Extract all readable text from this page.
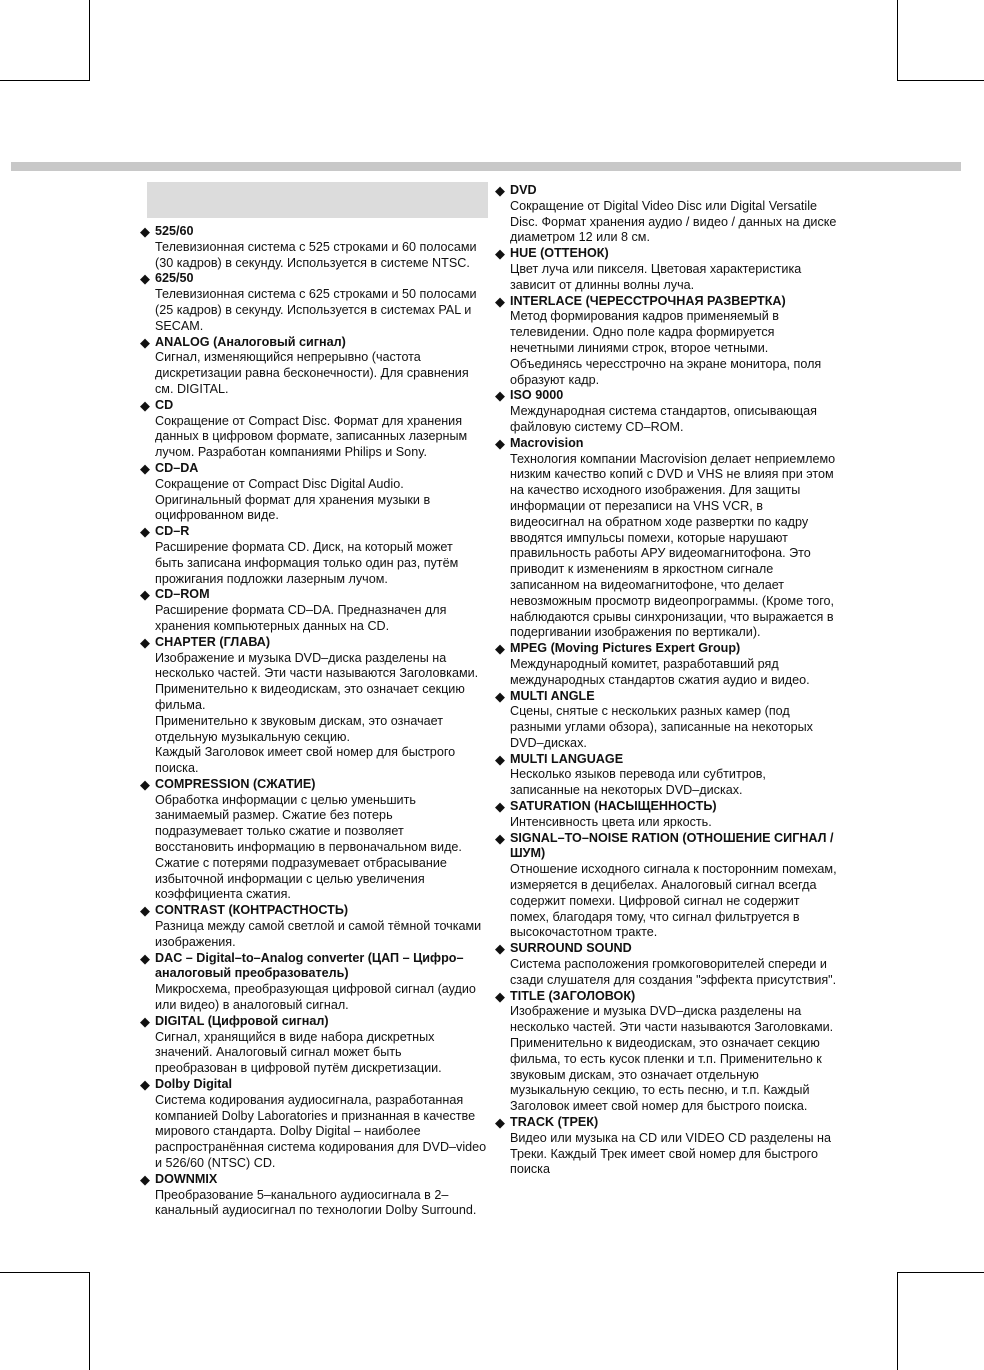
◆ 525/60
Телевизионная система с 525 строками и 60 полосами
(30 кадров) в секунду. Используется в системе NTSC.
◆ 625/50
Телевизионная система с 625 строками и 50 полосами
(25 кадров) в секунду. Используется в системах PAL и
SECAM.
◆ ANALOG (Аналоговый сигнал)
Сигнал, изменяющийся непрерывно (частота
дискретизации равна бесконечности). Для сравнения
см. DIGITAL.
◆ CD
Сокращение от Compact Disc. Формат для хранения
данных в цифровом формате, записанных лазерным
лучом. Разработан компаниями Philips и Sony.
◆ CD–DA
Сокращение от Compact Disc Digital Audio.
Оригинальный формат для хранения музыки в
оцифрованном виде.
◆ CD–R
Расширение формата CD. Диск, на который может
быть записана информация только один раз, путём
прожигания подложки лазерным лучом.
◆ CD–ROM
Расширение формата CD–DA. Предназначен для
хранения компьютерных данных на CD.
◆ CHAPTER (ГЛАВА)
Изображение и музыка DVD–диска разделены на
несколько частей. Эти части называются Заголовками.
Применительно к видеодискам, это означает секцию
фильма.
Применительно к звуковым дискам, это означает
отдельную музыкальную секцию.
Каждый Заголовок имеет свой номер для быстрого
поиска.
◆ COMPRESSION (СЖАТИЕ)
Обработка информации с целью уменьшить
занимаемый размер. Сжатие без потерь
подразумевает только сжатие и позволяет
восстановить информацию в первоначальном виде.
Сжатие с потерями подразумевает отбрасывание
избыточной информации с целью увеличения
коэффициента сжатия.
◆ CONTRAST (КОНТРАСТНОСТЬ)
Разница между самой светлой и самой тёмной точками
изображения.
◆ DAC – Digital–to–Analog converter (ЦАП – Цифро–
аналоговый преобразователь)
Микросхема, преобразующая цифровой сигнал (аудио
или видео) в аналоговый сигнал.
◆ DIGITAL (Цифровой сигнал)
Сигнал, хранящийся в виде набора дискретных
значений. Аналоговый сигнал может быть
преобразован в цифровой путём дискретизации.
◆ Dolby Digital
Система кодирования аудиосигнала, разработанная
компанией Dolby Laboratories и признанная в качестве
мирового стандарта. Dolby Digital – наиболее
распространённая система кодирования для DVD–video
и 526/60 (NTSC) CD.
◆ DOWNMIX
Преобразование 5–канального аудиосигнала в 2–
канальный аудиосигнал по технологии Dolby Surround.
◆ DVD
Сокращение от Digital Video Disc или Digital Versatile
Disc. Формат хранения аудио / видео / данных на диске
диаметром 12 или 8 см.
◆ HUE (ОТТЕНОК)
Цвет луча или пикселя. Цветовая характеристика
зависит от длинны волны луча.
◆ INTERLACE (ЧЕРЕССТРОЧНАЯ РАЗВЕРТКА)
Метод формирования кадров применяемый в
телевидении. Одно поле кадра формируется
нечетными линиями строк, второе четными.
Объединясь чересстрочно на экране монитора, поля
образуют кадр.
◆ ISO 9000
Международная система стандартов, описывающая
файловую систему CD–ROM.
◆ Macrovision
Технология компании Macrovision делает неприемлемо
низким качество копий с DVD и VHS не влияя при этом
на качество исходного изображения. Для защиты
информации от перезаписи на VHS VCR, в
видеосигнал на обратном ходе развертки по кадру
вводятся импульсы помехи, которые нарушают
правильность работы АРУ видеомагнитофона. Это
приводит к изменениям в яркостном сигнале
записанном на видеомагнитофоне, что делает
невозможным просмотр видеопрограммы. (Кроме того,
наблюдаются срывы синхронизации, что выражается в
подергивании изображения по вертикали).
◆ MPEG (Moving Pictures Expert Group)
Международный комитет, разработавший ряд
международных стандартов сжатия аудио и видео.
◆ MULTI ANGLE
Сцены, снятые с нескольких разных камер (под
разными углами обзора), записанные на некоторых
DVD–дисках.
◆ MULTI LANGUAGE
Несколько языков перевода или субтитров,
записанные на некоторых DVD–дисках.
◆ SATURATION (НАСЫЩЕННОСТЬ)
Интенсивность цвета или яркость.
◆ SIGNAL–TO–NOISE RATION (ОТНОШЕНИЕ СИГНАЛ /
ШУМ)
Отношение исходного сигнала к посторонним помехам,
измеряется в децибелах. Аналоговый сигнал всегда
содержит помехи. Цифровой сигнал не содержит
помех, благодаря тому, что сигнал фильтруется в
высокочастотном тракте.
◆ SURROUND SOUND
Система расположения громкоговорителей спереди и
сзади слушателя для создания "эффекта присутствия".
◆ TITLE (ЗАГОЛОВОК)
Изображение и музыка DVD–диска разделены на
несколько частей. Эти части называются Заголовками.
Применительно к видеодискам, это означает секцию
фильма, то есть кусок пленки и т.п. Применительно к
звуковым дискам, это означает отдельную
музыкальную секцию, то есть песню, и т.п. Каждый
Заголовок имеет свой номер для быстрого поиска.
◆ TRACK (ТРЕК)
Видео или музыка на CD или VIDEO CD разделены на
Треки. Каждый Трек имеет свой номер для быстрого
поиска
